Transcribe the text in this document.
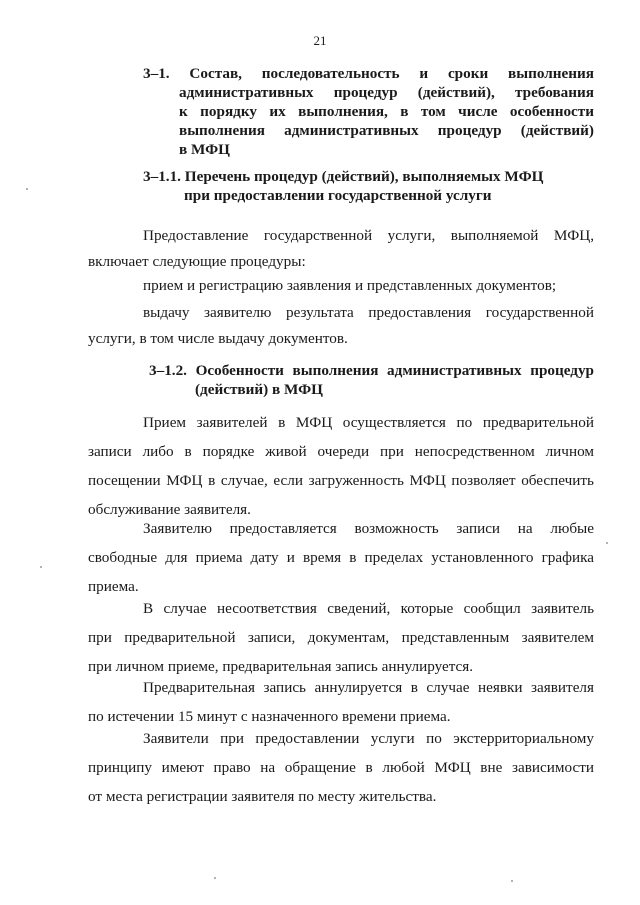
21
3–1. Состав, последовательность и сроки выполнения
административных процедур (действий), требования
к порядку их выполнения, в том числе особенности
выполнения административных процедур (действий)
в МФЦ
3–1.1. Перечень процедур (действий), выполняемых МФЦ
при предоставлении государственной услуги
Предоставление государственной услуги, выполняемой МФЦ,
включает следующие процедуры:
прием и регистрацию заявления и представленных документов;
выдачу заявителю результата предоставления государственной
услуги, в том числе выдачу документов.
3–1.2. Особенности выполнения административных процедур
(действий) в МФЦ
Прием заявителей в МФЦ осуществляется по предварительной
записи либо в порядке живой очереди при непосредственном личном
посещении МФЦ в случае, если загруженность МФЦ позволяет обеспечить
обслуживание заявителя.
Заявителю предоставляется возможность записи на любые
свободные для приема дату и время в пределах установленного графика
приема.
В случае несоответствия сведений, которые сообщил заявитель
при предварительной записи, документам, представленным заявителем
при личном приеме, предварительная запись аннулируется.
Предварительная запись аннулируется в случае неявки заявителя
по истечении 15 минут с назначенного времени приема.
Заявители при предоставлении услуги по экстерриториальному
принципу имеют право на обращение в любой МФЦ вне зависимости
от места регистрации заявителя по месту жительства.
